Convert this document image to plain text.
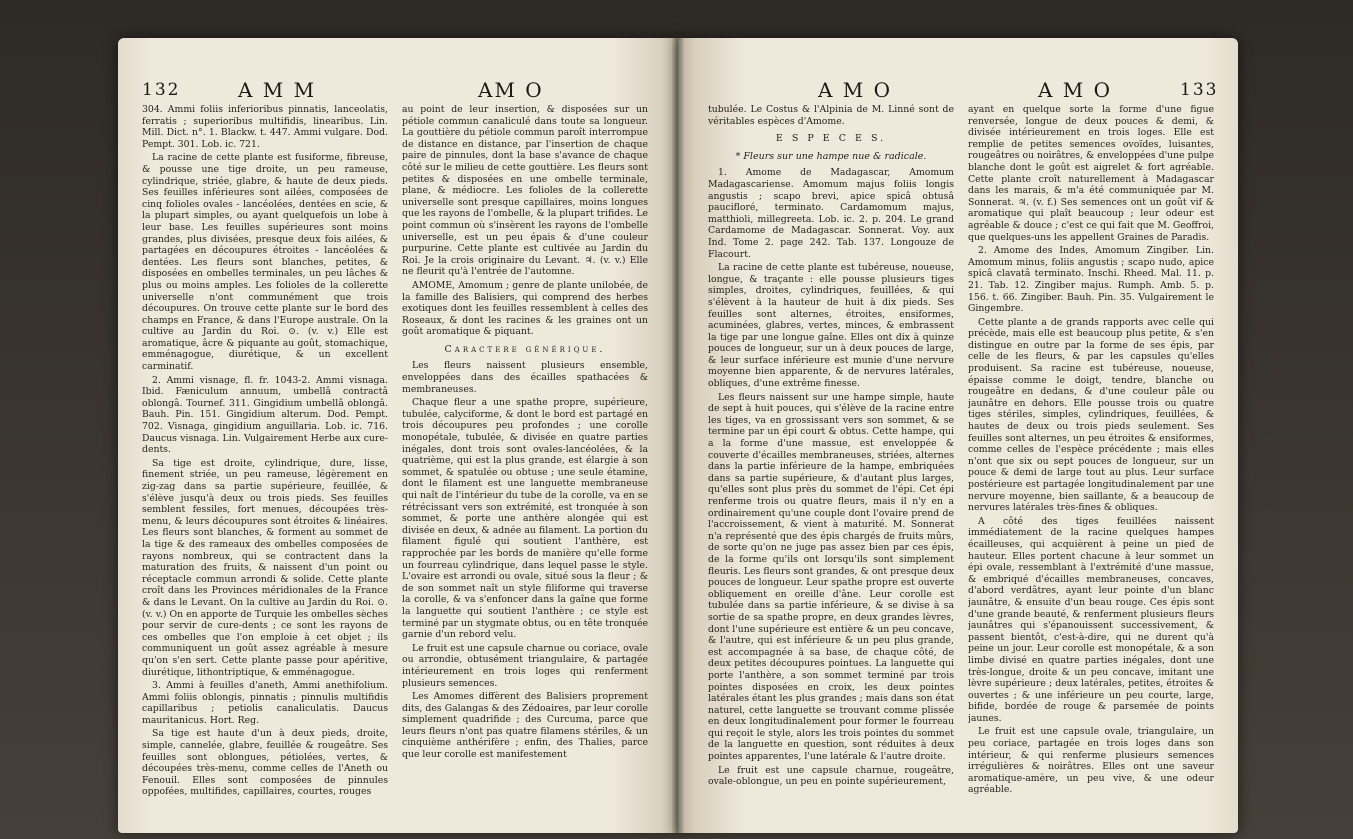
132	A M M	AM O

304. Ammi foliis inferioribus pinnatis, lanceolatis, ferratis ; superioribus multifidis, linearibus. Lin. Mill. Dict. n°. 1. Blackw. t. 447. Ammi vulgare. Dod. Pempt. 301. Lob. ic. 721.

La racine de cette plante est fusiforme, fibreuse, & pousse une tige droite, un peu rameuse, cylindrique, striée, glabre, & haute de deux pieds. Ses feuilles inférieures sont ailées, composées de cinq folioles ovales - lancéolées, dentées en scie, & la plupart simples, ou ayant quelquefois un lobe à leur base. Les feuilles supérieures sont moins grandes, plus divisées, presque deux fois ailées, & partagées en découpures étroites - lancéolées & dentées. Les fleurs sont blanches, petites, & disposées en ombelles terminales, un peu lâches & plus ou moins amples. Les folioles de la collerette universelle n'ont communément que trois découpures. On trouve cette plante sur le bord des champs en France, & dans l'Europe australe. On la cultive au Jardin du Roi. ⊙. (v. v.) Elle est aromatique, âcre & piquante au goût, stomachique, emménagogue, diurétique, & un excellent carminatif.

2. Ammi visnage, fl. fr. 1043-2. Ammi visnaga. Ibid. Fæniculum annuum, umbellâ contractâ oblongâ. Tournef. 311. Gingidium umbellâ oblongâ. Bauh. Pin. 151. Gingidium alterum. Dod. Pempt. 702. Visnaga, gingidium anguillaria. Lob. ic. 716. Daucus visnaga. Lin. Vulgairement Herbe aux cure-dents.

Sa tige est droite, cylindrique, dure, lisse, finement striée, un peu rameuse, légèrement en zig-zag dans sa partie supérieure, feuillée, & s'élève jusqu'à deux ou trois pieds. Ses feuilles semblent fessiles, fort menues, découpées très-menu, & leurs découpures sont étroites & linéaires. Les fleurs sont blanches, & forment au sommet de la tige & des rameaux des ombelles composées de rayons nombreux, qui se contractent dans la maturation des fruits, & naissent d'un point ou réceptacle commun arrondi & solide. Cette plante croît dans les Provinces méridionales de la France & dans le Levant. On la cultive au Jardin du Roi. ⊙. (v. v.) On en apporte de Turquie les ombelles sèches pour servir de cure-dents ; ce sont les rayons de ces ombelles que l'on emploie à cet objet ; ils communiquent un goût assez agréable à mesure qu'on s'en sert. Cette plante passe pour apéritive, diurétique, lithontriptique, & emménagogue.

3. Ammi à feuilles d'aneth, Ammi anethifolium. Ammi foliis oblongis, pinnatis ; pinnulis multifidis capillaribus ; petiolis canaliculatis. Daucus mauritanicus. Hort. Reg.

Sa tige est haute d'un à deux pieds, droite, simple, cannelée, glabre, feuillée & rougeâtre. Ses feuilles sont oblongues, pétiolées, vertes, & découpées très-menu, comme celles de l'Aneth ou Fenouil. Elles sont composées de pinnules oppofées, multifides, capillaires, courtes, rouges

au point de leur insertion, & disposées sur un pétiole commun canaliculé dans toute sa longueur. La gouttière du pétiole commun paroît interrompue de distance en distance, par l'insertion de chaque paire de pinnules, dont la base s'avance de chaque côté sur le milieu de cette gouttière. Les fleurs sont petites & disposées en une ombelle terminale, plane, & médiocre. Les folioles de la collerette universelle sont presque capillaires, moins longues que les rayons de l'ombelle, & la plupart trifides. Le point commun où s'insèrent les rayons de l'ombelle universelle, est un peu épais & d'une couleur purpurine. Cette plante est cultivée au Jardin du Roi. Je la crois originaire du Levant. ♃. (v. v.) Elle ne fleurit qu'à l'entrée de l'automne.

AMOME, Amomum ; genre de plante unilobée, de la famille des Balisiers, qui comprend des herbes exotiques dont les feuilles ressemblent à celles des Roseaux, & dont les racines & les graines ont un goût aromatique & piquant.

Caractere générique.

Les fleurs naissent plusieurs ensemble, enveloppées dans des écailles spathacées & membraneuses.

Chaque fleur a une spathe propre, supérieure, tubulée, calyciforme, & dont le bord est partagé en trois découpures peu profondes ; une corolle monopétale, tubulée, & divisée en quatre parties inégales, dont trois sont ovales-lancéolées, & la quatrième, qui est la plus grande, est élargie à son sommet, & spatulée ou obtuse ; une seule étamine, dont le filament est une languette membraneuse qui naît de l'intérieur du tube de la corolle, va en se rétrécissant vers son extrémité, est tronquée à son sommet, & porte une anthère alongée qui est divisée en deux, & adnée au filament. La portion du filament figulé qui soutient l'anthère, est rapprochée par les bords de manière qu'elle forme un fourreau cylindrique, dans lequel passe le style. L'ovaire est arrondi ou ovale, situé sous la fleur ; & de son sommet naît un style filiforme qui traverse la corolle, & va s'enfoncer dans la gaîne que forme la languette qui soutient l'anthère ; ce style est terminé par un stygmate obtus, ou en tête tronquée garnie d'un rebord velu.

Le fruit est une capsule charnue ou coriace, ovale ou arrondie, obtusément triangulaire, & partagée intérieurement en trois loges qui renferment plusieurs semences.

Les Amomes diffèrent des Balisiers proprement dits, des Galangas & des Zédoaires, par leur corolle simplement quadrifide ; des Curcuma, parce que leurs fleurs n'ont pas quatre filamens stériles, & un cinquième anthérifère ; enfin, des Thalies, parce que leur corolle est manifestement

A M O	A M O	133

tubulée. Le Costus & l'Alpinia de M. Linné sont de véritables espèces d'Amome.

E S P E C E S.

* Fleurs sur une hampe nue & radicale.

1. Amome de Madagascar, Amomum Madagascariense. Amomum majus foliis longis angustis ; scapo brevi, apice spicâ obtusâ paucifloré, terminato. Cardamomum majus, matthioli, millegreeta. Lob. ic. 2. p. 204. Le grand Cardamome de Madagascar. Sonnerat. Voy. aux Ind. Tome 2. page 242. Tab. 137. Longouze de Flacourt.

La racine de cette plante est tubéreuse, noueuse, longue, & traçante : elle pousse plusieurs tiges simples, droites, cylindriques, feuillées, & qui s'élèvent à la hauteur de huit à dix pieds. Ses feuilles sont alternes, étroites, ensiformes, acuminées, glabres, vertes, minces, & embrassent la tige par une longue gaîne. Elles ont dix à quinze pouces de longueur, sur un à deux pouces de large, & leur surface inférieure est munie d'une nervure moyenne bien apparente, & de nervures latérales, obliques, d'une extrême finesse.

Les fleurs naissent sur une hampe simple, haute de sept à huit pouces, qui s'élève de la racine entre les tiges, va en grossissant vers son sommet, & se termine par un épi court & obtus. Cette hampe, qui a la forme d'une massue, est enveloppée & couverte d'écailles membraneuses, striées, alternes dans la partie inférieure de la hampe, embriquées dans sa partie supérieure, & d'autant plus larges, qu'elles sont plus près du sommet de l'épi. Cet épi renferme trois ou quatre fleurs, mais il n'y en a ordinairement qu'une couple dont l'ovaire prend de l'accroissement, & vient à maturité. M. Sonnerat n'a représenté que des épis chargés de fruits mûrs, de sorte qu'on ne juge pas assez bien par ces épis, de la forme qu'ils ont lorsqu'ils sont simplement fleuris. Les fleurs sont grandes, & ont presque deux pouces de longueur. Leur spathe propre est ouverte obliquement en oreille d'âne. Leur corolle est tubulée dans sa partie inférieure, & se divise à sa sortie de sa spathe propre, en deux grandes lèvres, dont l'une supérieure est entière & un peu concave, & l'autre, qui est inférieure & un peu plus grande, est accompagnée à sa base, de chaque côté, de deux petites découpures pointues. La languette qui porte l'anthère, a son sommet terminé par trois pointes disposées en croix, les deux pointes latérales étant les plus grandes ; mais dans son état naturel, cette languette se trouvant comme plissée en deux longitudinalement pour former le fourreau qui reçoit le style, alors les trois pointes du sommet de la languette en question, sont réduites à deux pointes apparentes, l'une latérale & l'autre droite.

Le fruit est une capsule charnue, rougeâtre, ovale-oblongue, un peu en pointe supérieurement,

ayant en quelque sorte la forme d'une figue renversée, longue de deux pouces & demi, & divisée intérieurement en trois loges. Elle est remplie de petites semences ovoïdes, luisantes, rougeâtres ou noirâtres, & enveloppées d'une pulpe blanche dont le goût est aigrelet & fort agréable. Cette plante croît naturellement à Madagascar dans les marais, & m'a été communiquée par M. Sonnerat. ♃. (v. f.) Ses semences ont un goût vif & aromatique qui plaît beaucoup ; leur odeur est agréable & douce ; c'est ce qui fait que M. Geoffroi, que quelques-uns les appellent Graines de Paradis.

2. Amome des Indes, Amomum Zingiber. Lin. Amomum minus, foliis angustis ; scapo nudo, apice spicâ clavatâ terminato. Inschi. Rheed. Mal. 11. p. 21. Tab. 12. Zingiber majus. Rumph. Amb. 5. p. 156. t. 66. Zingiber. Bauh. Pin. 35. Vulgairement le Gingembre.

Cette plante a de grands rapports avec celle qui précède, mais elle est beaucoup plus petite, & s'en distingue en outre par la forme de ses épis, par celle de les fleurs, & par les capsules qu'elles produisent. Sa racine est tubéreuse, noueuse, épaisse comme le doigt, tendre, blanche ou rougeâtre en dedans, & d'une couleur pâle ou jaunâtre en dehors. Elle pousse trois ou quatre tiges stériles, simples, cylindriques, feuillées, & hautes de deux ou trois pieds seulement. Ses feuilles sont alternes, un peu étroites & ensiformes, comme celles de l'espèce précédente ; mais elles n'ont que six ou sept pouces de longueur, sur un pouce & demi de large tout au plus. Leur surface postérieure est partagée longitudinalement par une nervure moyenne, bien saillante, & a beaucoup de nervures latérales très-fines & obliques.

A côté des tiges feuillées naissent immédiatement de la racine quelques hampes écailleuses, qui acquièrent à peine un pied de hauteur. Elles portent chacune à leur sommet un épi ovale, ressemblant à l'extrémité d'une massue, & embriqué d'écailles membraneuses, concaves, d'abord verdâtres, ayant leur pointe d'un blanc jaunâtre, & ensuite d'un beau rouge. Ces épis sont d'une grande beauté, & renferment plusieurs fleurs jaunâtres qui s'épanouissent successivement, & passent bientôt, c'est-à-dire, qui ne durent qu'à peine un jour. Leur corolle est monopétale, & a son limbe divisé en quatre parties inégales, dont une très-longue, droite & un peu concave, imitant une lèvre supérieure ; deux latérales, petites, étroites & ouvertes ; & une inférieure un peu courte, large, bifide, bordée de rouge & parsemée de points jaunes.

Le fruit est une capsule ovale, triangulaire, un peu coriace, partagée en trois loges dans son intérieur, & qui renferme plusieurs semences irrégulières & noirâtres. Elles ont une saveur aromatique-amère, un peu vive, & une odeur agréable.
